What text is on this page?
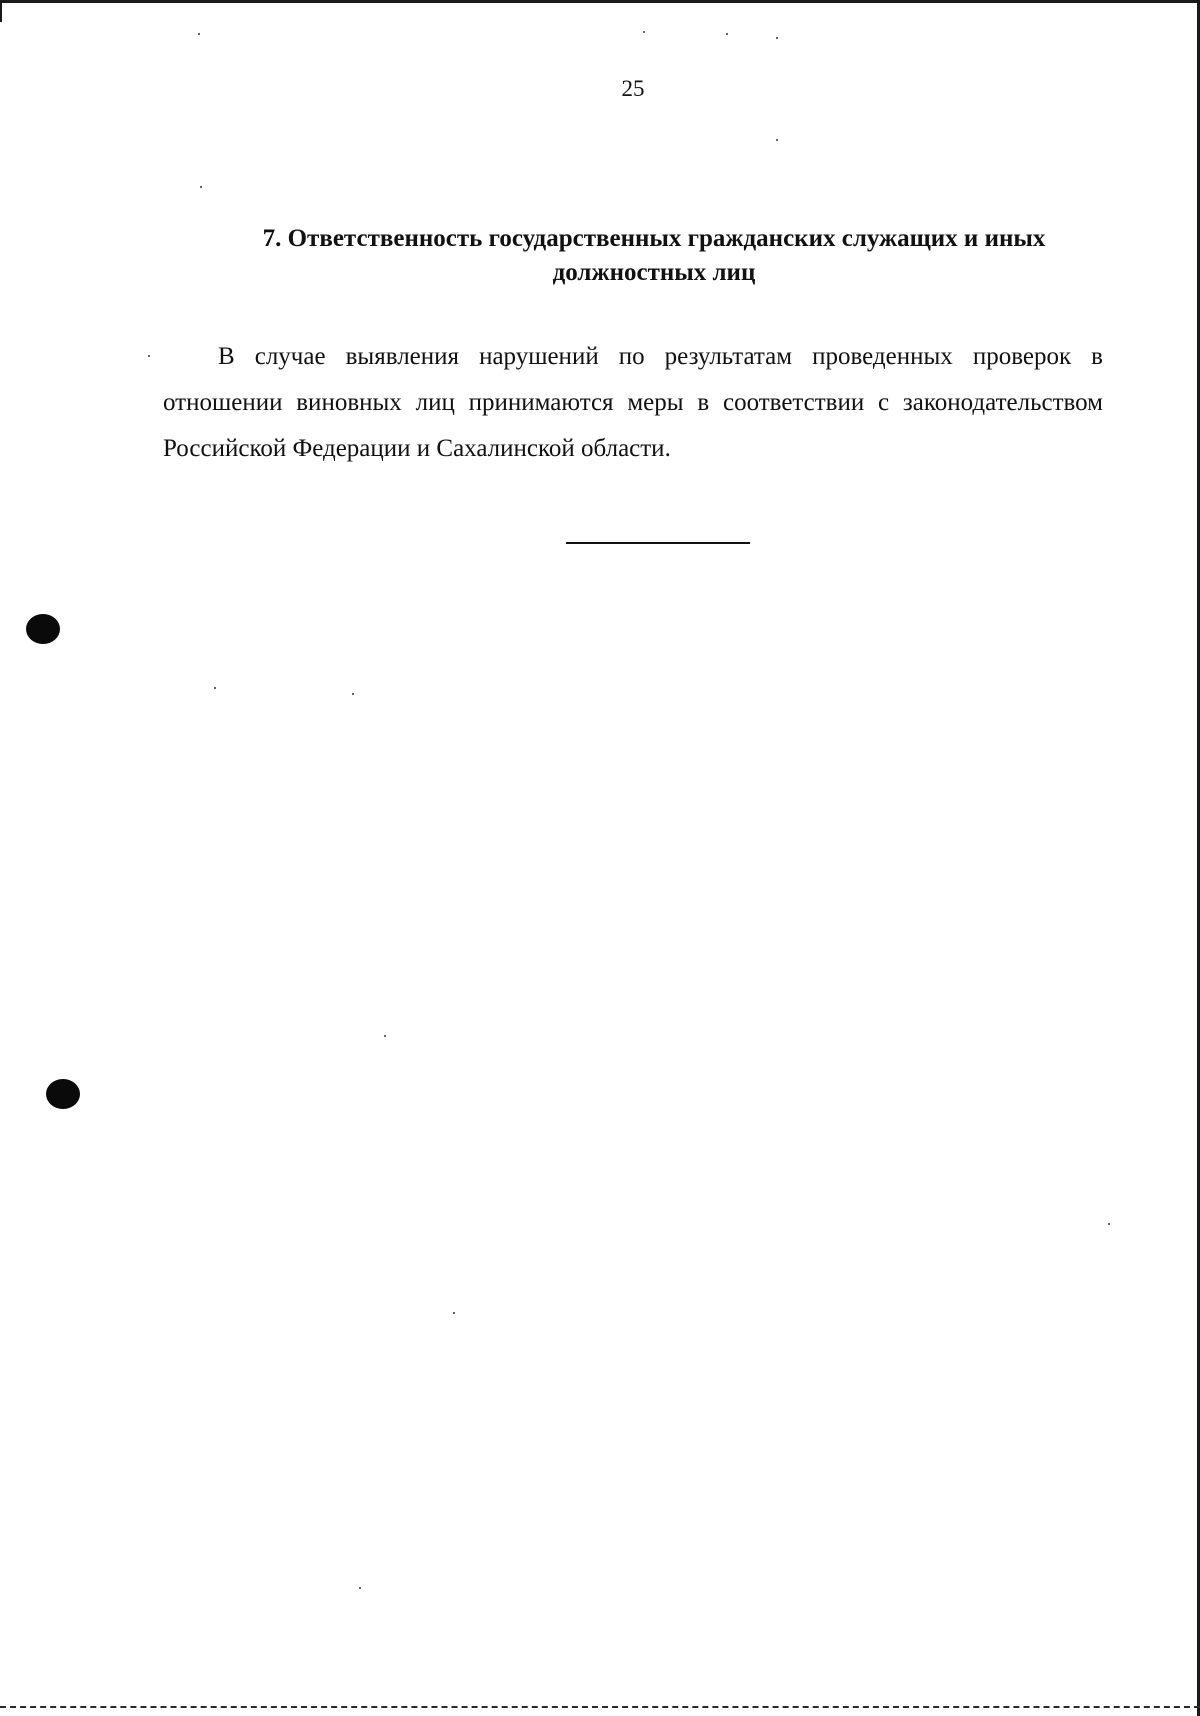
25
7. Ответственность государственных гражданских служащих и иных должностных лиц

В случае выявления нарушений по результатам проведенных проверок в отношении виновных лиц принимаются меры в соответствии с законодательством Российской Федерации и Сахалинской области.
